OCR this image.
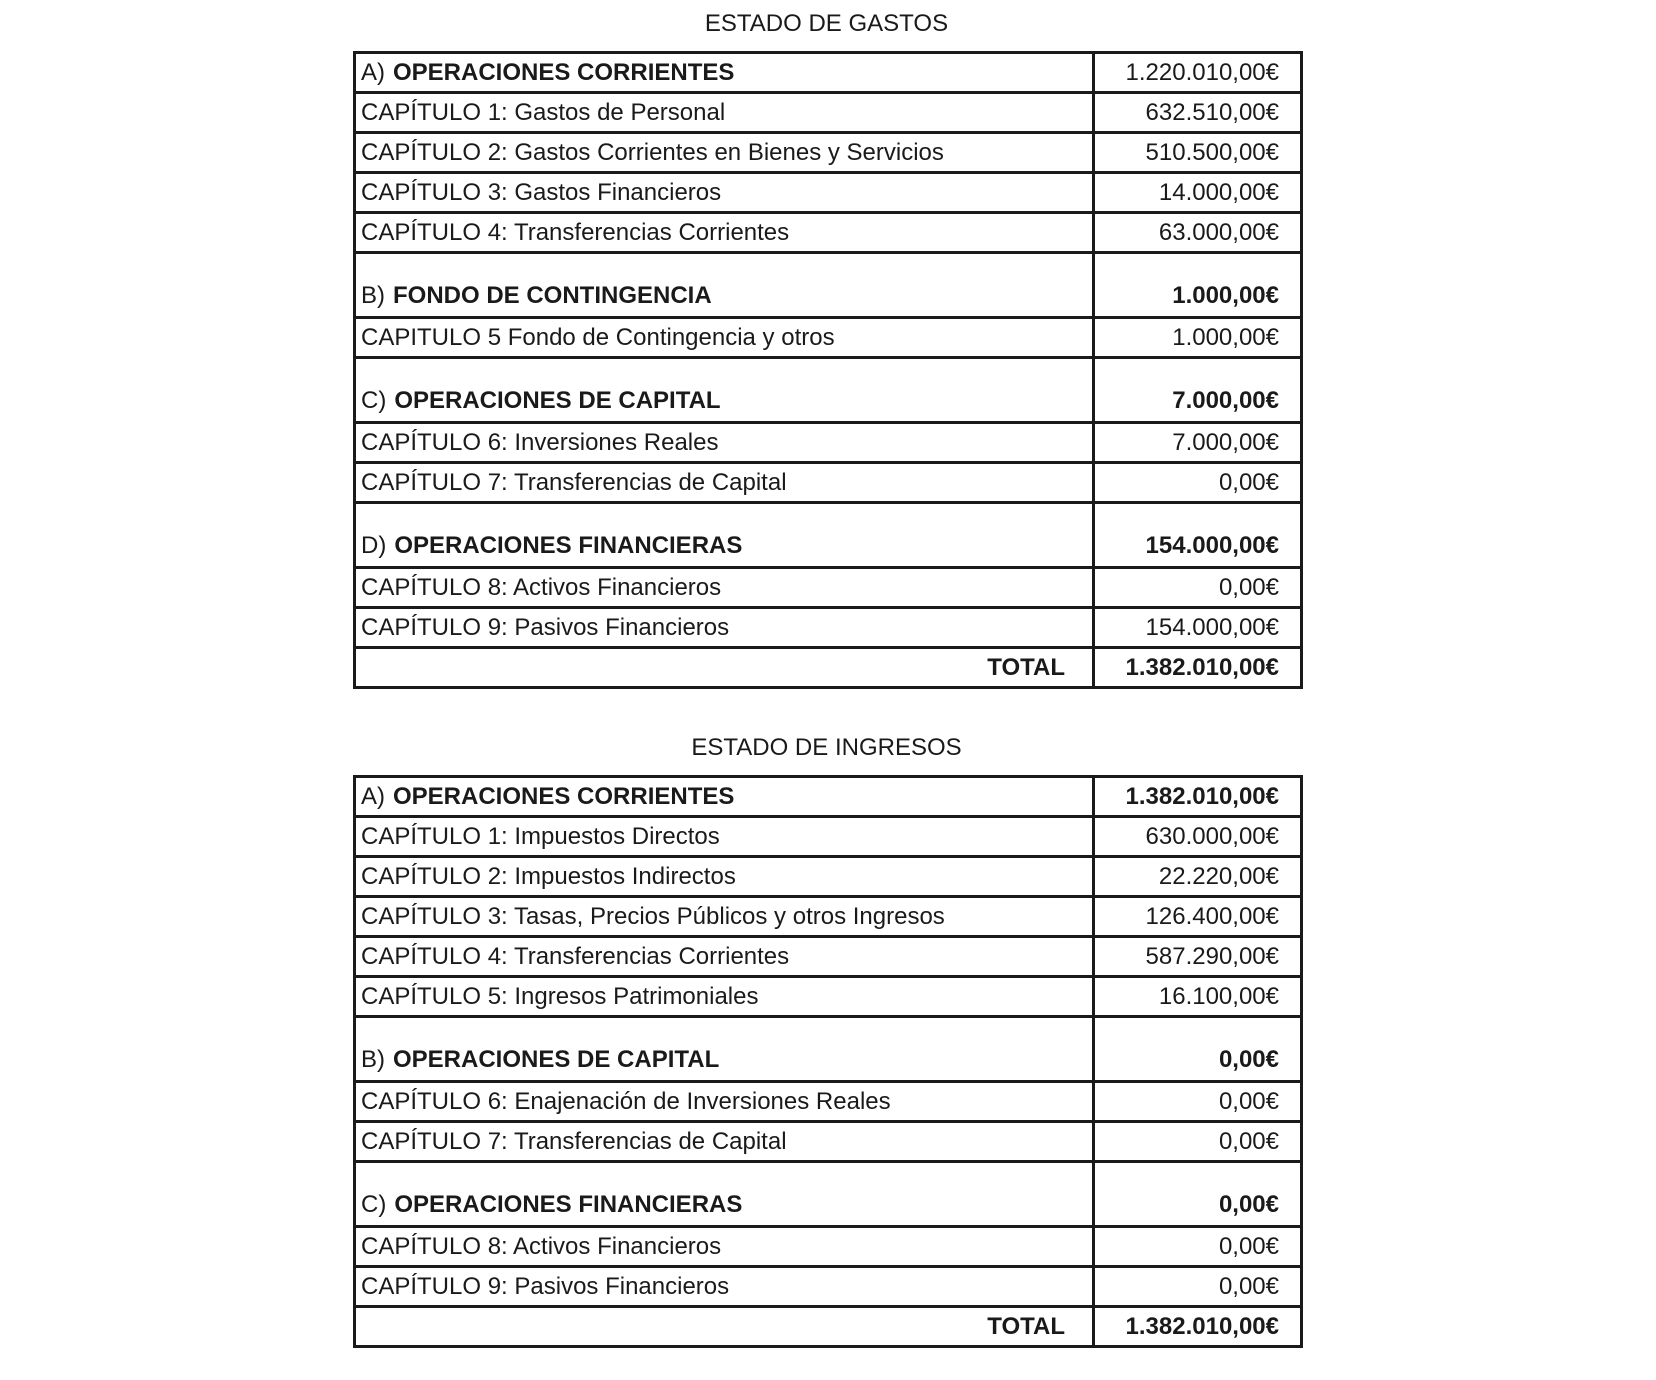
ESTADO DE GASTOS
A) OPERACIONES CORRIENTES	1.220.010,00€
CAPÍTULO 1: Gastos de Personal	632.510,00€
CAPÍTULO 2: Gastos Corrientes en Bienes y Servicios	510.500,00€
CAPÍTULO 3: Gastos Financieros	14.000,00€
CAPÍTULO 4: Transferencias Corrientes	63.000,00€
B) FONDO DE CONTINGENCIA	1.000,00€
CAPITULO 5 Fondo de Contingencia y otros	1.000,00€
C) OPERACIONES DE CAPITAL	7.000,00€
CAPÍTULO 6: Inversiones Reales	7.000,00€
CAPÍTULO 7: Transferencias de Capital	0,00€
D) OPERACIONES FINANCIERAS	154.000,00€
CAPÍTULO 8: Activos Financieros	0,00€
CAPÍTULO 9: Pasivos Financieros	154.000,00€
TOTAL	1.382.010,00€
ESTADO DE INGRESOS
A) OPERACIONES CORRIENTES	1.382.010,00€
CAPÍTULO 1: Impuestos Directos	630.000,00€
CAPÍTULO 2: Impuestos Indirectos	22.220,00€
CAPÍTULO 3: Tasas, Precios Públicos y otros Ingresos	126.400,00€
CAPÍTULO 4: Transferencias Corrientes	587.290,00€
CAPÍTULO 5: Ingresos Patrimoniales	16.100,00€
B) OPERACIONES DE CAPITAL	0,00€
CAPÍTULO 6: Enajenación de Inversiones Reales	0,00€
CAPÍTULO 7: Transferencias de Capital	0,00€
C) OPERACIONES FINANCIERAS	0,00€
CAPÍTULO 8: Activos Financieros	0,00€
CAPÍTULO 9: Pasivos Financieros	0,00€
TOTAL	1.382.010,00€
